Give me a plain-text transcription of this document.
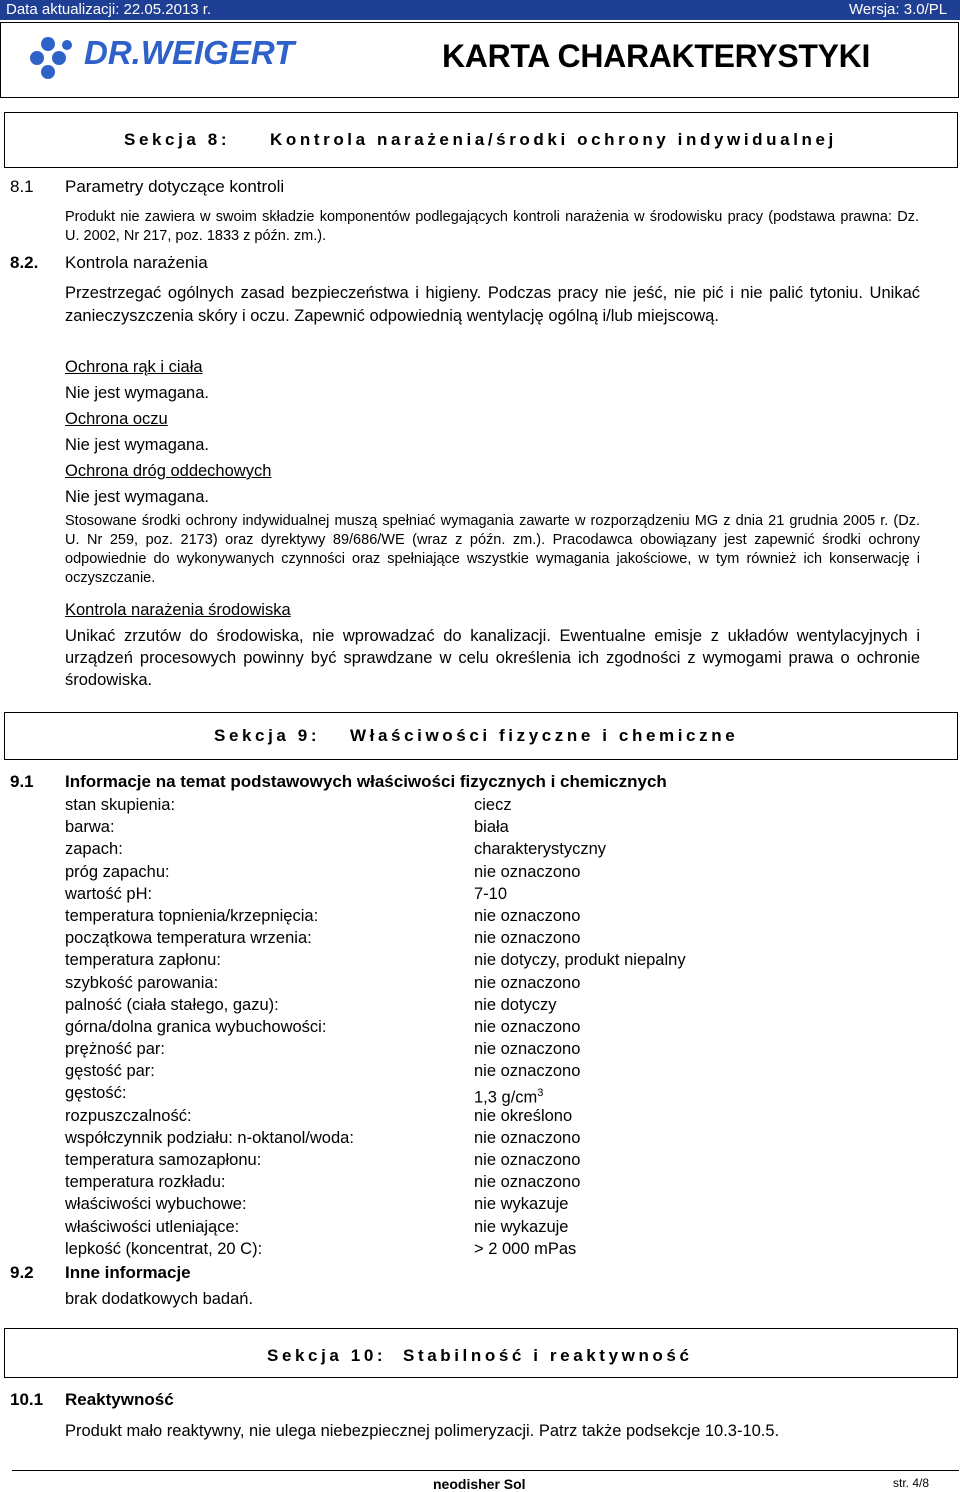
Data aktualizacji: 22.05.2013 r.	Wersja: 3.0/PL
DR.WEIGERT	KARTA CHARAKTERYSTYKI
Sekcja 8: Kontrola narażenia/środki ochrony indywidualnej
8.1 Parametry dotyczące kontroli
Produkt nie zawiera w swoim składzie komponentów podlegających kontroli narażenia w środowisku pracy (podstawa prawna: Dz. U. 2002, Nr 217, poz. 1833 z późn. zm.).
8.2. Kontrola narażenia
Przestrzegać ogólnych zasad bezpieczeństwa i higieny. Podczas pracy nie jeść, nie pić i nie palić tytoniu. Unikać zanieczyszczenia skóry i oczu. Zapewnić odpowiednią wentylację ogólną i/lub miejscową.
Ochrona rąk i ciała
Nie jest wymagana.
Ochrona oczu
Nie jest wymagana.
Ochrona dróg oddechowych
Nie jest wymagana.
Stosowane środki ochrony indywidualnej muszą spełniać wymagania zawarte w rozporządzeniu MG z dnia 21 grudnia 2005 r. (Dz. U. Nr 259, poz. 2173) oraz dyrektywy 89/686/WE (wraz z późn. zm.). Pracodawca obowiązany jest zapewnić środki ochrony odpowiednie do wykonywanych czynności oraz spełniające wszystkie wymagania jakościowe, w tym również ich konserwację i oczyszczanie.
Kontrola narażenia środowiska
Unikać zrzutów do środowiska, nie wprowadzać do kanalizacji. Ewentualne emisje z układów wentylacyjnych i urządzeń procesowych powinny być sprawdzane w celu określenia ich zgodności z wymogami prawa o ochronie środowiska.
Sekcja 9: Właściwości fizyczne i chemiczne
9.1 Informacje na temat podstawowych właściwości fizycznych i chemicznych
stan skupienia:	ciecz
barwa:	biała
zapach:	charakterystyczny
próg zapachu:	nie oznaczono
wartość pH:	7-10
temperatura topnienia/krzepnięcia:	nie oznaczono
początkowa temperatura wrzenia:	nie oznaczono
temperatura zapłonu:	nie dotyczy, produkt niepalny
szybkość parowania:	nie oznaczono
palność (ciała stałego, gazu):	nie dotyczy
górna/dolna granica wybuchowości:	nie oznaczono
prężność par:	nie oznaczono
gęstość par:	nie oznaczono
gęstość:	1,3 $g/cm^3$
rozpuszczalność:	nie określono
współczynnik podziału: n-oktanol/woda:	nie oznaczono
temperatura samozapłonu:	nie oznaczono
temperatura rozkładu:	nie oznaczono
właściwości wybuchowe:	nie wykazuje
właściwości utleniające:	nie wykazuje
lepkość (koncentrat, 20 C):	> 2 000 mPas
9.2 Inne informacje
brak dodatkowych badań.
Sekcja 10: Stabilność i reaktywność
10.1 Reaktywność
Produkt mało reaktywny, nie ulega niebezpiecznej polimeryzacji. Patrz także podsekcje 10.3-10.5.
neodisher Sol	str. 4/8
